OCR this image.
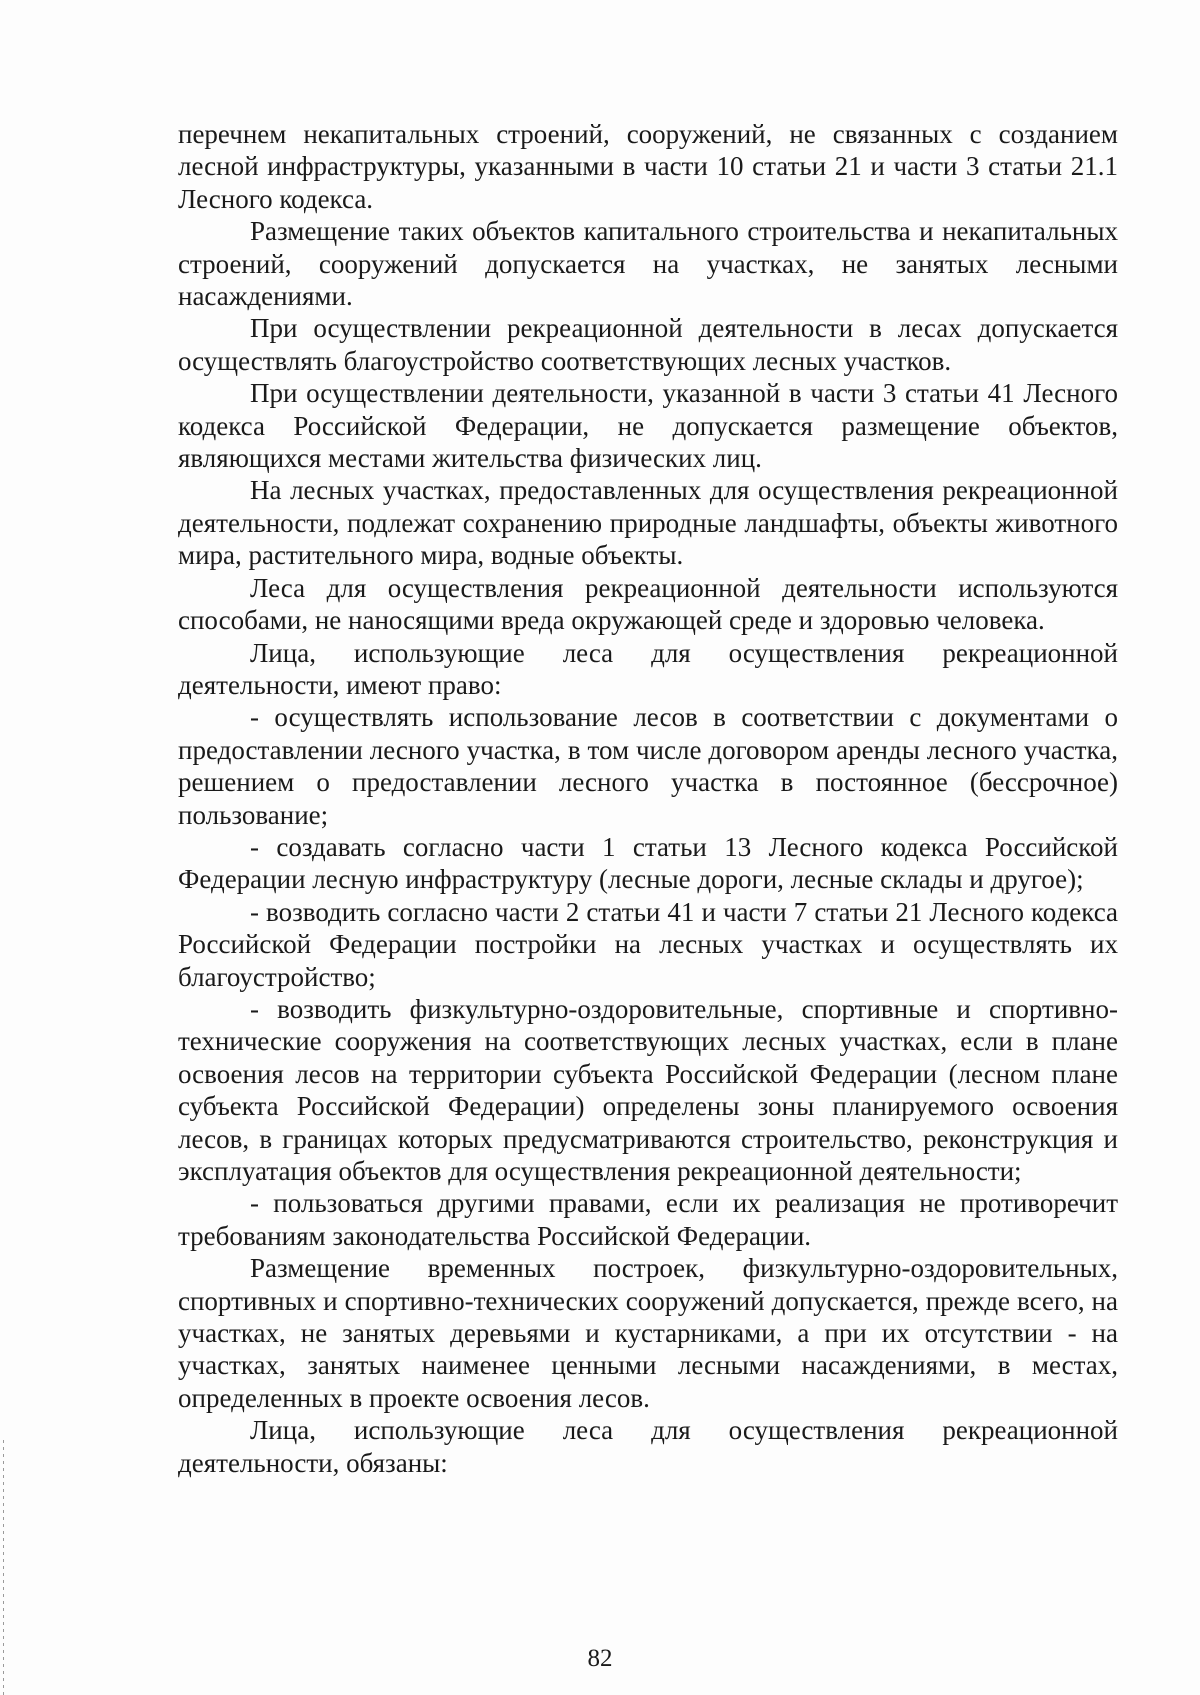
перечнем некапитальных строений, сооружений, не связанных с созданием лесной инфраструктуры, указанными в части 10 статьи 21 и части 3 статьи 21.1 Лесного кодекса.

Размещение таких объектов капитального строительства и некапитальных строений, сооружений допускается на участках, не занятых лесными насаждениями.

При осуществлении рекреационной деятельности в лесах допускается осуществлять благоустройство соответствующих лесных участков.

При осуществлении деятельности, указанной в части 3 статьи 41 Лесного кодекса Российской Федерации, не допускается размещение объектов, являющихся местами жительства физических лиц.

На лесных участках, предоставленных для осуществления рекреационной деятельности, подлежат сохранению природные ландшафты, объекты животного мира, растительного мира, водные объекты.

Леса для осуществления рекреационной деятельности используются способами, не наносящими вреда окружающей среде и здоровью человека.

Лица, использующие леса для осуществления рекреационной деятельности, имеют право:

- осуществлять использование лесов в соответствии с документами о предоставлении лесного участка, в том числе договором аренды лесного участка, решением о предоставлении лесного участка в постоянное (бессрочное) пользование;

- создавать согласно части 1 статьи 13 Лесного кодекса Российской Федерации лесную инфраструктуру (лесные дороги, лесные склады и другое);

- возводить согласно части 2 статьи 41 и части 7 статьи 21 Лесного кодекса Российской Федерации постройки на лесных участках и осуществлять их благоустройство;

- возводить физкультурно-оздоровительные, спортивные и спортивно-технические сооружения на соответствующих лесных участках, если в плане освоения лесов на территории субъекта Российской Федерации (лесном плане субъекта Российской Федерации) определены зоны планируемого освоения лесов, в границах которых предусматриваются строительство, реконструкция и эксплуатация объектов для осуществления рекреационной деятельности;

- пользоваться другими правами, если их реализация не противоречит требованиям законодательства Российской Федерации.

Размещение временных построек, физкультурно-оздоровительных, спортивных и спортивно-технических сооружений допускается, прежде всего, на участках, не занятых деревьями и кустарниками, а при их отсутствии - на участках, занятых наименее ценными лесными насаждениями, в местах, определенных в проекте освоения лесов.

Лица, использующие леса для осуществления рекреационной деятельности, обязаны:

82
